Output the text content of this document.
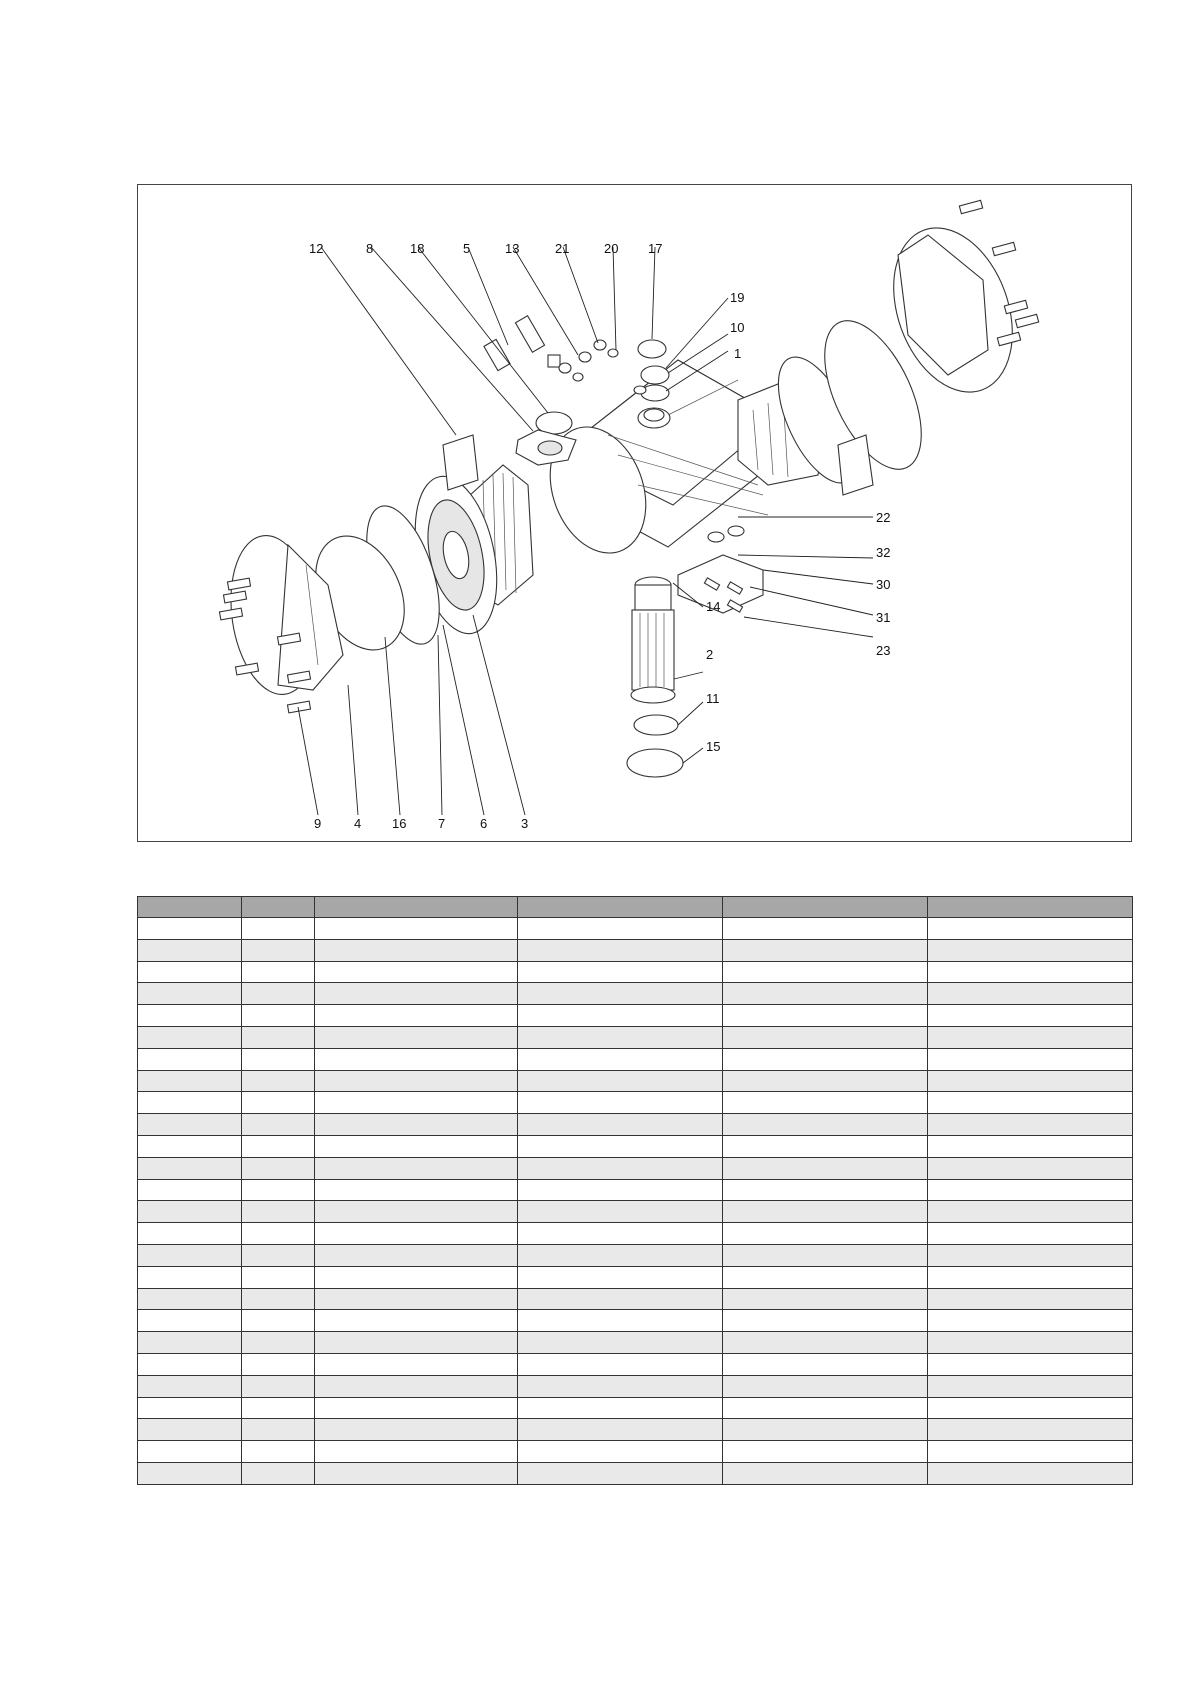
12	8	18	5	13	21	20 17
19
10
1
22
32
30
31
23
14
2
11
15
9	4 16 7	6	3
